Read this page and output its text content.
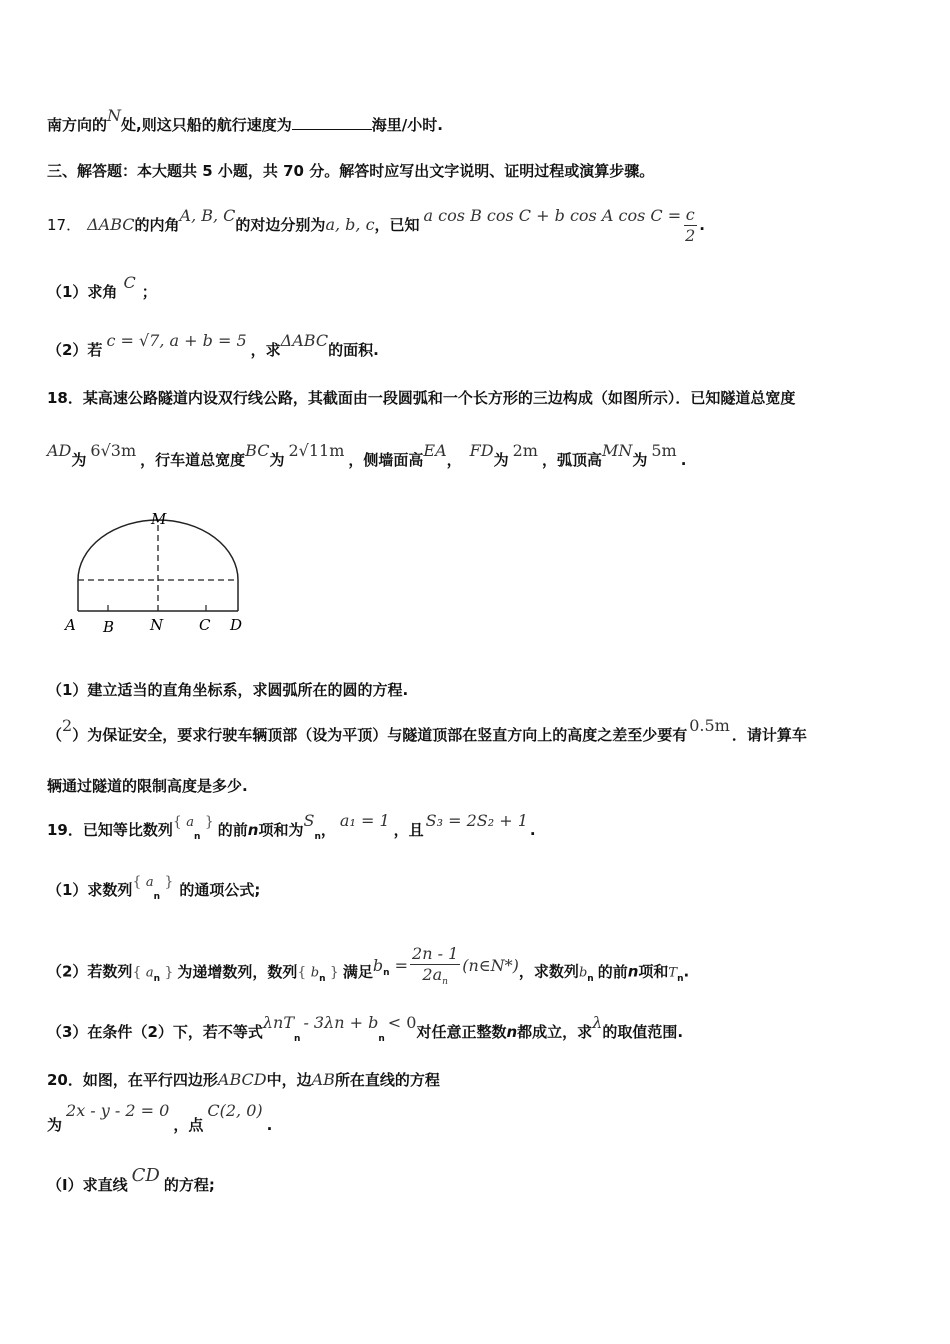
南方向的N处,则这只船的航行速度为	海里/小时.
三、解答题：本大题共 5 小题，共 70 分。解答时应写出文字说明、证明过程或演算步骤。
17． ΔABC的内角A, B, C的对边分别为a, b, c，已知 a cos B cos C + b cos A $\cos C = \frac{c}{2}$ .
（1）求角 C ；
（2）若 c = √7, a + b = 5 ，求ΔABC的面积.
18．某高速公路隧道内设双行线公路，其截面由一段圆弧和一个长方形的三边构成（如图所示）．已知隧道总宽度
AD为 6√3m ，行车道总宽度BC为 2√11m ，侧墙面高EA， FD为 2m ，弧顶高MN为 5m .
M
A B N C D
（1）建立适当的直角坐标系，求圆弧所在的圆的方程.
（2）为保证安全，要求行驶车辆顶部（设为平顶）与隧道顶部在竖直方向上的高度之差至少要有 0.5m ．请计算车
辆通过隧道的限制高度是多少.
19．已知等比数列{ $a_n$ } 的前n项和为$S_n$， a₁ = 1 ，且 S₃ = 2S₂ + 1 .
（1）求数列{ $a_n$ } 的通项公式;
（2）若数列{ $a_n$ } 为递增数列，数列{ $b_n$ } 满足bn = $\frac{2n - 1}{2a_n}$ (n∈N*)，求数列$b_n$ 的前n项和$T_n$.
（3）在条件（2）下，若不等式λnT$_n$- $3\lambda n + b_n< 0$对任意正整数n都成立，求λ的取值范围.
20．如图，在平行四边形ABCD中，边AB所在直线的方程
为2x - y - 2 = 0，点C(2, 0).
（Ⅰ）求直线 CD 的方程;
